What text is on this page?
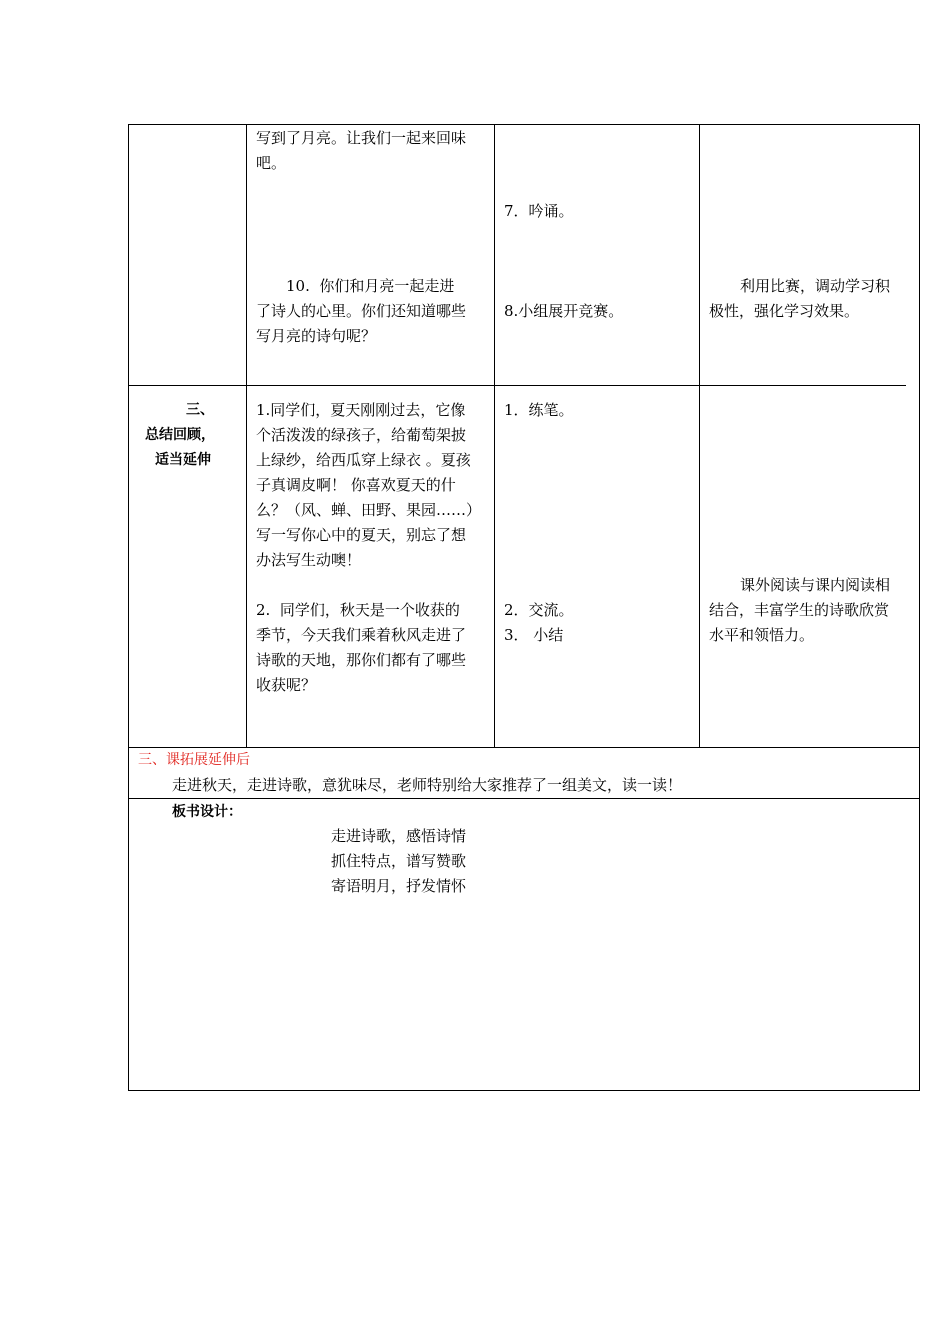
写到了月亮。让我们一起来回味
吧。
10.  你们和月亮一起走进
了诗人的心里。你们还知道哪些
写月亮的诗句呢？
7．吟诵。
8.小组展开竞赛。
利用比赛，调动学习积
极性，强化学习效果。
三、
总结回顾，
适当延伸
1.同学们，夏天刚刚过去，它像
个活泼泼的绿孩子，给葡萄架披
上绿纱，给西瓜穿上绿衣 。夏孩
子真调皮啊！ 你喜欢夏天的什
么？（风、蝉、田野、果园……）
写一写你心中的夏天，别忘了想
办法写生动噢！
2.  同学们，秋天是一个收获的
季节，今天我们乘着秋风走进了
诗歌的天地，那你们都有了哪些
收获呢？
1．练笔。
2．交流。
3． 小结
课外阅读与课内阅读相
结合，丰富学生的诗歌欣赏
水平和领悟力。
三、课拓展延伸后
走进秋天，走进诗歌，意犹味尽，老师特别给大家推荐了一组美文，读一读！
板书设计：
走进诗歌，感悟诗情
抓住特点，谱写赞歌
寄语明月，抒发情怀
